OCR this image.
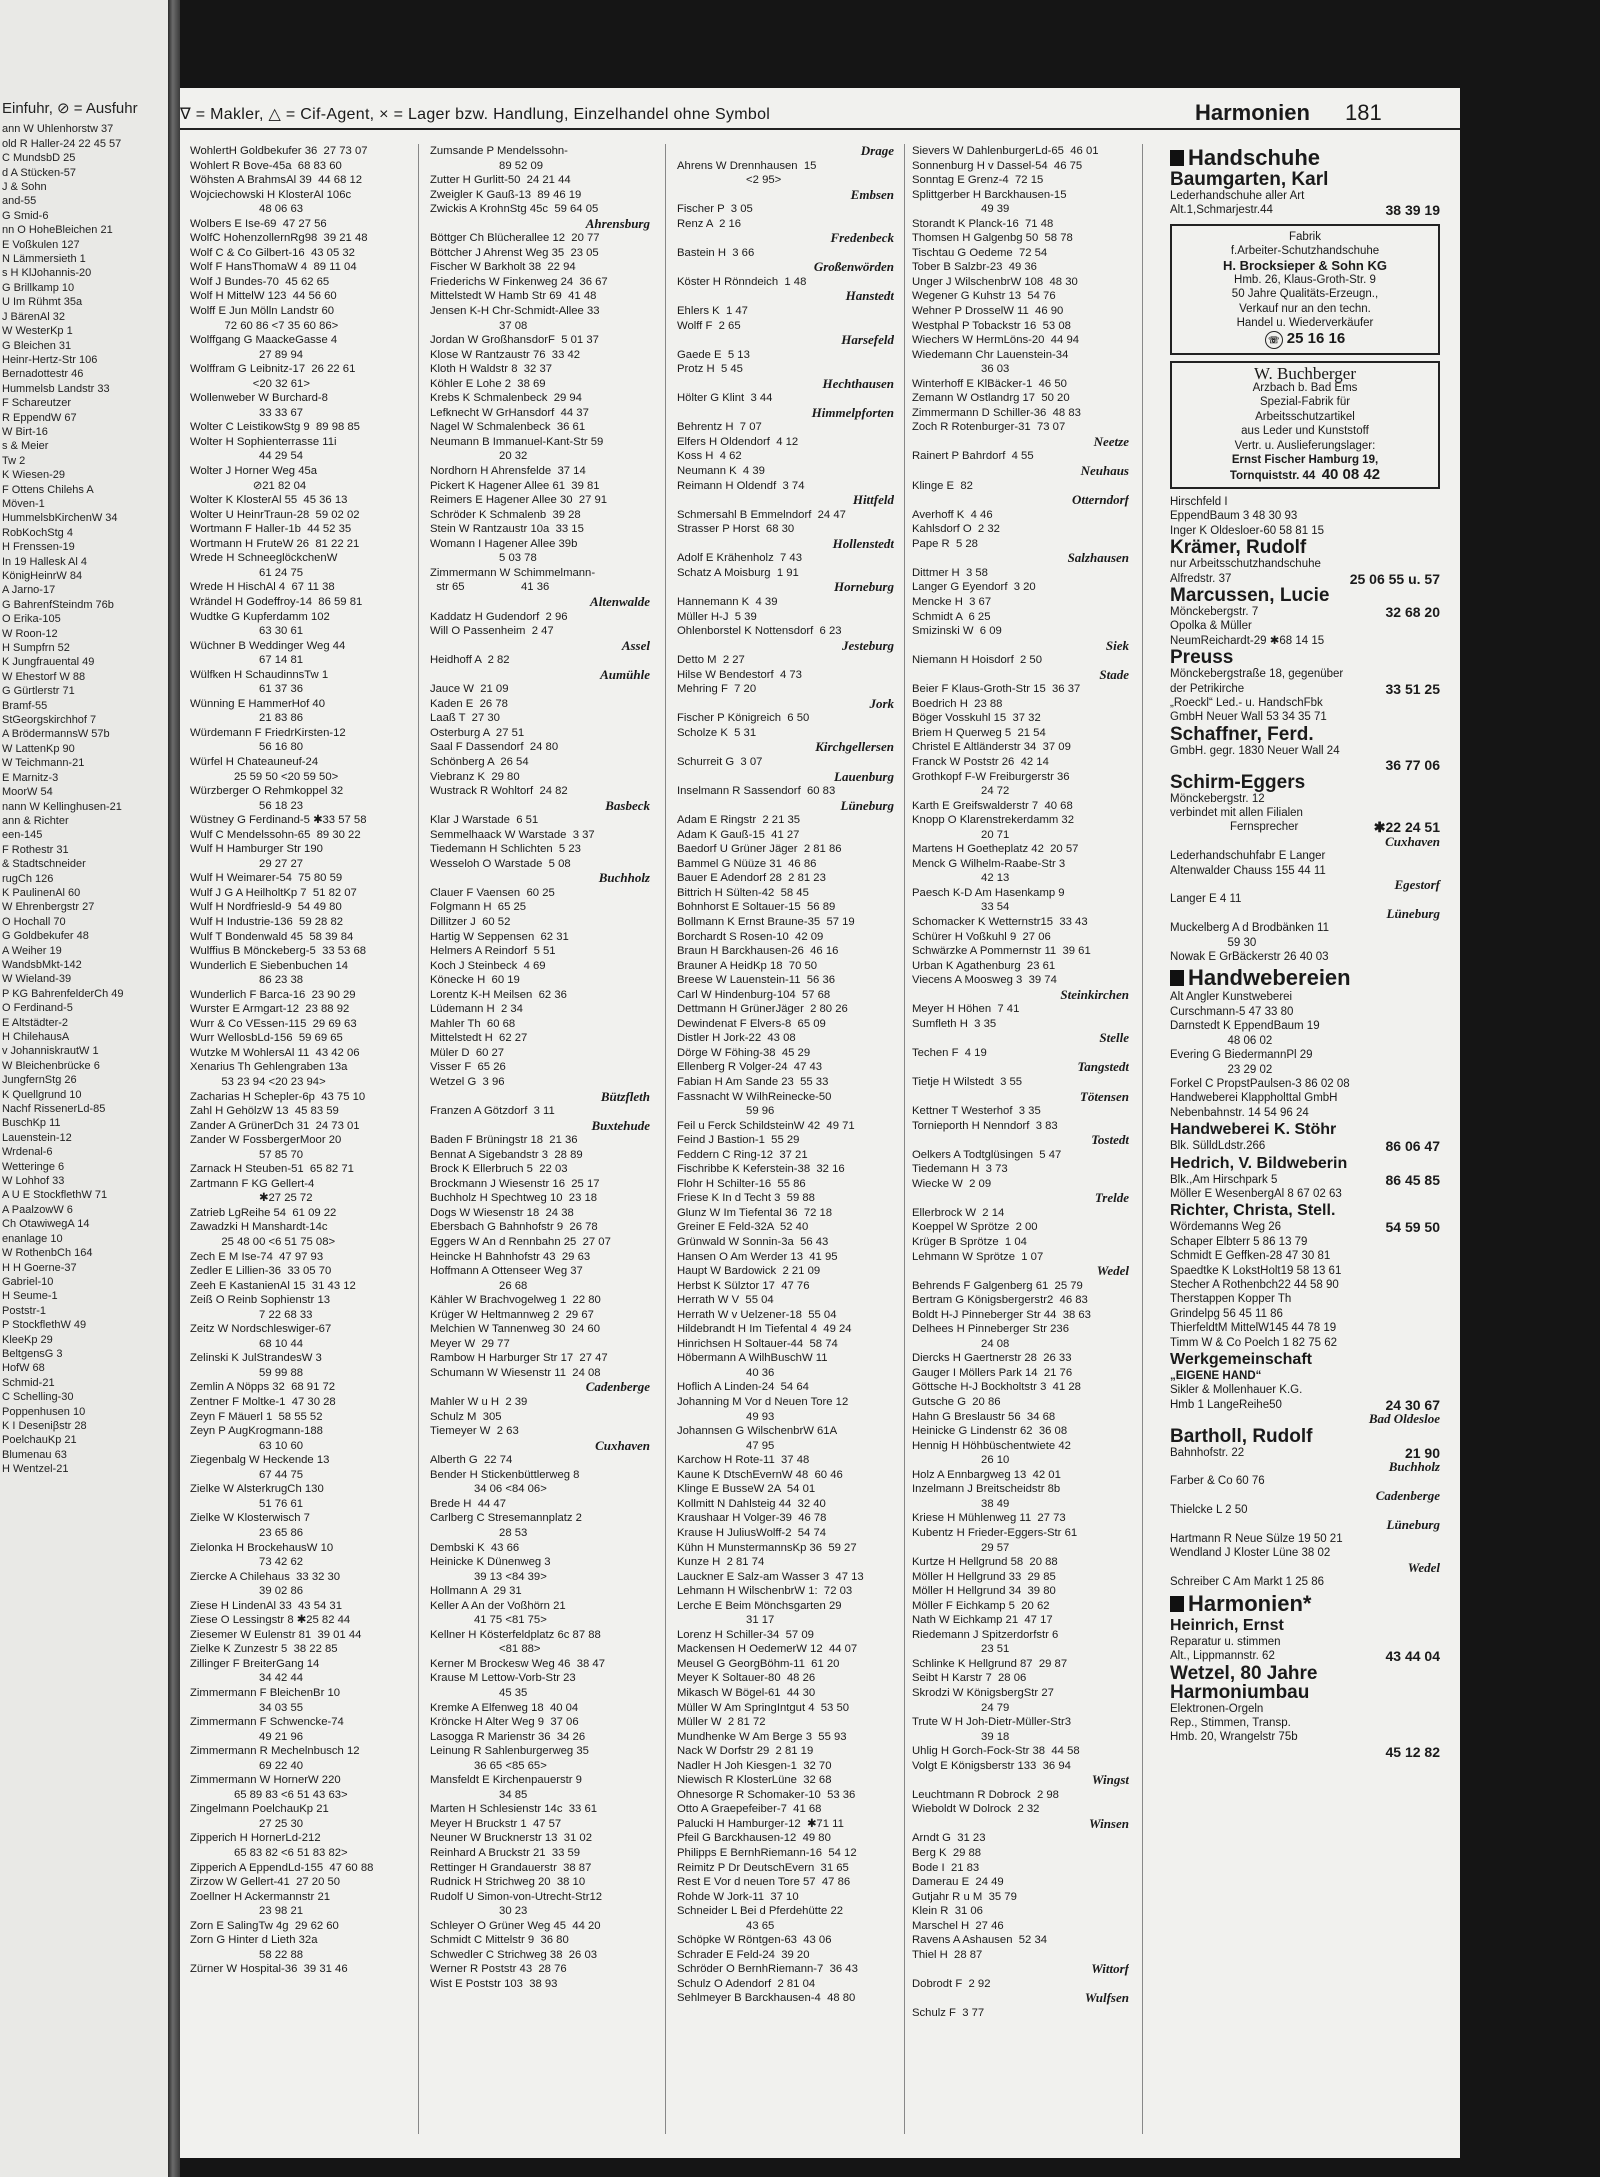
Einfuhr, ⊘ = Ausfuhr
ann W Uhlenhorstw 37
old R Haller-24 22 45 57
C MundsbD 25
d A Stücken-57
J & Sohn
and-55
G Smid-6
nn O HoheBleichen 21
E Voßkulen 127
N Lämmersieth 1
s H KlJohannis-20
G Brillkamp 10
U Im Rühmt 35a
J BärenAl 32
W WesterKp 1
G Bleichen 31
Heinr-Hertz-Str 106
Bernadottestr 46
Hummelsb Landstr 33
F Schareutzer
R EppendW 67
W Birt-16
s & Meier
Tw 2
K Wiesen-29
F Ottens Chilehs A
Möven-1
HummelsbKirchenW 34
RobKochStg 4
H Frenssen-19
In 19 Hallesk Al 4
KönigHeinrW 84
A Jarno-17
G BahrenfSteindm 76b
O Erika-105
W Roon-12
H Sumpfrn 52
K Jungfrauental 49
W Ehestorf W 88
G Gürtlerstr 71
Bramf-55
StGeorgskirchhof 7
A BrödermannsW 57b
W LattenKp 90
W Teichmann-21
E Marnitz-3
MoorW 54
nann W Kellinghusen-21
ann & Richter
een-145
F Rothestr 31
& Stadtschneider
rugCh 126
K PaulinenAl 60
W Ehrenbergstr 27
O Hochall 70
G Goldbekufer 48
A Weiher 19
WandsbMkt-142
W Wieland-39
P KG BahrenfelderCh 49
O Ferdinand-5
E Altstädter-2
H ChilehausA
v JohanniskrautW 1
W Bleichenbrücke 6
JungfernStg 26
K Quellgrund 10
Nachf RissenerLd-85
BuschKp 11
Lauenstein-12
Wrdenal-6
Wetteringe 6
W Lohhof 33
A U E StockflethW 71
A PaalzowW 6
Ch OtawiwegA 14
enanlage 10
W RothenbCh 164
H H Goerne-37
Gabriel-10
H Seume-1
Poststr-1
P StockflethW 49
KleeKp 29
BeltgensG 3
HofW 68
Schmid-21
C Schelling-30
Poppenhusen 10
K I Deseniβstr 28
PoelchauKp 21
Blumenau 63
H Wentzel-21
∇ = Makler, △ = Cif-Agent, × = Lager bzw. Handlung, Einzelhandel ohne Symbol	Harmonien 181
WohlertH Goldbekufer 36  27 73 07
Wohlert R Bove-45a  68 83 60
Wöhsten A BrahmsAl 39  44 68 12
Wojciechowski H KlosterAl 106c
48 06 63
Wolbers E Ise-69  47 27 56
WolfC HohenzollernRg98  39 21 48
Wolf C & Co Gilbert-16  43 05 32
Wolf F HansThomaW 4  89 11 04
Wolf J Bundes-70  45 62 65
Wolf H MittelW 123  44 56 60
Wolff E Jun Mölln Landstr 60
72 60 86 <7 35 60 86>
Wolffgang G MaackeGasse 4
27 89 94
Wolffram G Leibnitz-17  26 22 61
<20 32 61>
Wollenweber W Burchard-8
33 33 67
Wolter C LeistikowStg 9  89 98 85
Wolter H Sophienterrasse 11i
44 29 54
Wolter J Horner Weg 45a
⊘21 82 04
Wolter K KlosterAl 55  45 36 13
Wolter U HeinrTraun-28  59 02 02
Wortmann F Haller-1b  44 52 35
Wortmann H FruteW 26  81 22 21
Wrede H SchneeglöckchenW
61 24 75
Wrede H HischAl 4  67 11 38
Wrändel H Godeffroy-14  86 59 81
Wudtke G Kupferdamm 102
63 30 61
Wüchner B Weddinger Weg 44
67 14 81
Wülfken H SchaudinnsTw 1
61 37 36
Wünning E HammerHof 40
21 83 86
Würdemann F FriedrKirsten-12
56 16 80
Würfel H Chateauneuf-24
25 59 50 <20 59 50>
Würzberger O Rehmkoppel 32
56 18 23
Wüstney G Ferdinand-5 ✱33 57 58
Wulf C Mendelssohn-65  89 30 22
Wulf H Hamburger Str 190
29 27 27
Wulf H Weimarer-54  75 80 59
Wulf J G A HeilholtKp 7  51 82 07
Wulf H Nordfriesld-9  54 49 80
Wulf H Industrie-136  59 28 82
Wulf T Bondenwald 45  58 39 84
Wulffius B Mönckeberg-5  33 53 68
Wunderlich E Siebenbuchen 14
86 23 38
Wunderlich F Barca-16  23 90 29
Wurster E Armgart-12  23 88 92
Wurr & Co VEssen-115  29 69 63
Wurr WellosbLd-156  59 69 65
Wutzke M WohlersAl 11  43 42 06
Xenarius Th Gehlengraben 13a
53 23 94 <20 23 94>
Zacharias H Schepler-6p  43 75 10
Zahl H GehölzW 13  45 83 59
Zander A GrünerDch 31  24 73 01
Zander W FossbergerMoor 20
57 85 70
Zarnack H Steuben-51  65 82 71
Zartmann F KG Gellert-4
✱27 25 72
Zatrieb LgReihe 54  61 09 22
Zawadzki H Manshardt-14c
25 48 00 <6 51 75 08>
Zech E M Ise-74  47 97 93
Zedler E Lillien-36  33 05 70
Zeeh E KastanienAl 15  31 43 12
Zeiß O Reinb Sophienstr 13
7 22 68 33
Zeitz W Nordschleswiger-67
68 10 44
Zelinski K JulStrandesW 3
59 99 88
Zemlin A Nöpps 32  68 91 72
Zentner F Moltke-1  47 30 28
Zeyn F Mäuerl 1  58 55 52
Zeyn P AugKrogmann-188
63 10 60
Ziegenbalg W Heckende 13
67 44 75
Zielke W AlsterkrugCh 130
51 76 61
Zielke W Klosterwisch 7
23 65 86
Zielonka H BrockehausW 10
73 42 62
Ziercke A Chilehaus  33 32 30
39 02 86
Ziese H LindenAl 33  43 54 31
Ziese O Lessingstr 8 ✱25 82 44
Ziesemer W Eulenstr 81  39 01 44
Zielke K Zunzestr 5  38 22 85
Zillinger F BreiterGang 14
34 42 44
Zimmermann F BleichenBr 10
34 03 55
Zimmermann F Schwencke-74
49 21 96
Zimmermann R Mechelnbusch 12
69 22 40
Zimmermann W HornerW 220
65 89 83 <6 51 43 63>
Zingelmann PoelchauKp 21
27 25 30
Zipperich H HornerLd-212
65 83 82 <6 51 83 82>
Zipperich A EppendLd-155  47 60 88
Zirzow W Gellert-41  27 20 50
Zoellner H Ackermannstr 21
23 98 21
Zorn E SalingTw 4g  29 62 60
Zorn G Hinter d Lieth 32a
58 22 88
Zürner W Hospital-36  39 31 46
Zumsande P Mendelssohn-
89 52 09
Zutter H Gurlitt-50  24 21 44
Zweigler K Gauß-13  89 46 19
Zwickis A KrohnStg 45c  59 64 05
Ahrensburg
Böttger Ch Blücherallee 12  20 77
Böttcher J Ahrenst Weg 35  23 05
Fischer W Barkholt 38  22 94
Friederichs W Finkenweg 24  36 67
Mittelstedt W Hamb Str 69  41 48
Jensen K-H Chr-Schmidt-Allee 33
37 08
Jordan W GroßhansdorF  5 01 37
Klose W Rantzaustr 76  33 42
Kloth H Waldstr 8  32 37
Köhler E Lohe 2  38 69
Krebs K Schmalenbeck  29 94
Lefknecht W GrHansdorf  44 37
Nagel W Schmalenbeck  36 61
Neumann B Immanuel-Kant-Str 59
20 32
Nordhorn H Ahrensfelde  37 14
Pickert K Hagener Allee 61  39 81
Reimers E Hagener Allee 30  27 91
Schröder K Schmalenb  39 28
Stein W Rantzaustr 10a  33 15
Womann I Hagener Allee 39b
5 03 78
Zimmermann W Schimmelmann-
str 65                  41 36
Altenwalde
Kaddatz H Gudendorf  2 96
Will O Passenheim  2 47
Assel
Heidhoff A  2 82
Aumühle
Jauce W  21 09
Kaden E  26 78
Laaß T  27 30
Osterburg A  27 51
Saal F Dassendorf  24 80
Schönberg A  26 54
Viebranz K  29 80
Wustrack R Wohltorf  24 82
Basbeck
Klar J Warstade  6 51
Semmelhaack W Warstade  3 37
Tiedemann H Schlichten  5 23
Wesseloh O Warstade  5 08
Buchholz
Clauer F Vaensen  60 25
Folgmann H  65 25
Dillitzer J  60 52
Hartig W Seppensen  62 31
Helmers A Reindorf  5 51
Koch J Steinbeck  4 69
Könecke H  60 19
Lorentz K-H Meilsen  62 36
Lüdemann H  2 34
Mahler Th  60 68
Mittelstedt H  62 27
Müler D  60 27
Visser F  65 26
Wetzel G  3 96
Bützfleth
Franzen A Götzdorf  3 11
Buxtehude
Baden F Brüningstr 18  21 36
Bennat A Sigebandstr 3  28 89
Brock K Ellerbruch 5  22 03
Brockmann J Wiesenstr 16  25 17
Buchholz H Spechtweg 10  23 18
Dogs W Wiesenstr 18  24 38
Ebersbach G Bahnhofstr 9  26 78
Eggers W An d Rennbahn 25  27 07
Heincke H Bahnhofstr 43  29 63
Hoffmann A Ottenseer Weg 37
26 68
Kähler W Brachvogelweg 1  22 80
Krüger W Heltmannweg 2  29 67
Melchien W Tannenweg 30  24 60
Meyer W  29 77
Rambow H Harburger Str 17  27 47
Schumann W Wiesenstr 11  24 08
Cadenberge
Mahler W u H  2 39
Schulz M  305
Tiemeyer W  2 63
Cuxhaven
Alberth G  22 74
Bender H Stickenbüttlerweg 8
34 06 <84 06>
Brede H  44 47
Carlberg C Stresemannplatz 2
28 53
Dembski K  43 66
Heinicke K Dünenweg 3
39 13 <84 39>
Hollmann A  29 31
Keller A An der Voßhörn 21
41 75 <81 75>
Kellner H Kösterfeldplatz 6c 87 88
<81 88>
Kerner M Brockesw Weg 46  38 47
Krause M Lettow-Vorb-Str 23
45 35
Kremke A Elfenweg 18  40 04
Kröncke H Alter Weg 9  37 06
Lasogga R Marienstr 36  34 26
Leinung R Sahlenburgerweg 35
36 65 <85 65>
Mansfeldt E Kirchenpauerstr 9
34 85
Marten H Schlesienstr 14c  33 61
Meyer H Bruckstr 1  47 57
Neuner W Brucknerstr 13  31 02
Reinhard A Bruckstr 21  33 59
Rettinger H Grandauerstr  38 87
Rudnick H Strichweg 20  38 10
Rudolf U Simon-von-Utrecht-Str12
30 23
Schleyer O Grüner Weg 45  44 20
Schmidt C Mittelstr 9  36 80
Schwedler C Strichweg 38  26 03
Werner R Poststr 43  28 76
Wist E Poststr 103  38 93
Drage
Ahrens W Drennhausen  15
<2 95>
Embsen
Fischer P  3 05
Renz A  2 16
Fredenbeck
Bastein H  3 66
Großenwörden
Köster H Rönndeich  1 48
Hanstedt
Ehlers K  1 47
Wolff F  2 65
Harsefeld
Gaede E  5 13
Protz H  5 45
Hechthausen
Hölter G Klint  3 44
Himmelpforten
Behrentz H  7 07
Elfers H Oldendorf  4 12
Koss H  4 62
Neumann K  4 39
Reimann H Oldendf  3 74
Hittfeld
Schmersahl B Emmelndorf  24 47
Strasser P Horst  68 30
Hollenstedt
Adolf E Krähenholz  7 43
Schatz A Moisburg  1 91
Horneburg
Hannemann K  4 39
Müller H-J  5 39
Ohlenborstel K Nottensdorf  6 23
Jesteburg
Detto M  2 27
Hilse W Bendestorf  4 73
Mehring F  7 20
Jork
Fischer P Königreich  6 50
Scholze K  5 31
Kirchgellersen
Schurreit G  3 07
Lauenburg
Inselmann R Sassendorf  60 83
Lüneburg
Adam E Ringstr  2 21 35
Adam K Gauß-15  41 27
Baedorf U Grüner Jäger  2 81 86
Bammel G Nüüze 31  46 86
Bauer E Adendorf 28  2 81 23
Bittrich H Sülten-42  58 45
Bohnhorst E Soltauer-15  56 89
Bollmann K Ernst Braune-35  57 19
Borchardt S Rosen-10  42 09
Braun H Barckhausen-26  46 16
Brauner A HeidKp 18  70 50
Breese W Lauenstein-11  56 36
Carl W Hindenburg-104  57 68
Dettmann H GrünerJäger  2 80 26
Dewindenat F Elvers-8  65 09
Distler H Jork-22  43 08
Dörge W Föhing-38  45 29
Ellenberg R Volger-24  47 43
Fabian H Am Sande 23  55 33
Fassnacht W WilhReinecke-50
59 96
Feil u Ferck SchildsteinW 42  49 71
Feind J Bastion-1  55 29
Feddern C Ring-12  37 21
Fischribbe K Keferstein-38  32 16
Flohr H Schilter-16  55 86
Friese K In d Techt 3  59 88
Glunz W Im Tiefental 36  72 18
Greiner E Feld-32A  52 40
Grünwald W Sonnin-3a  56 43
Hansen O Am Werder 13  41 95
Haupt W Bardowick  2 21 09
Herbst K Sülztor 17  47 76
Herrath W V  55 04
Herrath W v Uelzener-18  55 04
Hildebrandt H Im Tiefental 4  49 24
Hinrichsen H Soltauer-44  58 74
Höbermann A WilhBuschW 11
40 36
Hoflich A Linden-24  54 64
Johanning M Vor d Neuen Tore 12
49 93
Johannsen G WilschenbrW 61A
47 95
Karchow H Rote-11  37 48
Kaune K DtschEvernW 48  60 46
Klinge E BusseW 2A  54 01
Kollmitt N Dahlsteig 44  32 40
Kraushaar H Volger-39  46 78
Krause H JuliusWolff-2  54 74
Kühn H MunstermannsKp 36  59 27
Kunze H  2 81 74
Lauckner E Salz-am Wasser 3  47 13
Lehmann H WilschenbrW 1:  72 03
Lerche E Beim Mönchsgarten 29
31 17
Lorenz H Schiller-34  57 09
Mackensen H OedemerW 12  44 07
Meusel G GeorgBöhm-11  61 20
Meyer K Soltauer-80  48 26
Mikasch W Bögel-61  44 30
Müller W Am SpringIntgut 4  53 50
Müller W  2 81 72
Mundhenke W Am Berge 3  55 93
Nack W Dorfstr 29  2 81 19
Nadler H Joh Kiesgen-1  32 70
Niewisch R KlosterLüne  32 68
Ohnesorge R Schomaker-10  53 36
Otto A Graepefeiber-7  41 68
Palucki H Hamburger-12  ✱71 11
Pfeil G Barckhausen-12  49 80
Philipps E BernhRiemann-16  54 12
Reimitz P Dr DeutschEvern  31 65
Rest E Vor d neuen Tore 57  47 86
Rohde W Jork-11  37 10
Schneider L Bei d Pferdehütte 22
43 65
Schöpke W Röntgen-63  43 06
Schrader E Feld-24  39 20
Schröder O BernhRiemann-7  36 43
Schulz O Adendorf  2 81 04
Sehlmeyer B Barckhausen-4  48 80
Sievers W DahlenburgerLd-65  46 01
Sonnenburg H v Dassel-54  46 75
Sonntag E Grenz-4  72 15
Splittgerber H Barckhausen-15
49 39
Storandt K Planck-16  71 48
Thomsen H Galgenbg 50  58 78
Tischtau G Oedeme  72 54
Tober B Salzbr-23  49 36
Unger J WilschenbrW 108  48 30
Wegener G Kuhstr 13  54 76
Wehner P DrosselW 11  46 90
Westphal P Tobackstr 16  53 08
Wiechers W HermLöns-20  44 94
Wiedemann Chr Lauenstein-34
36 03
Winterhoff E KlBäcker-1  46 50
Zemann W Ostlandrg 17  50 20
Zimmermann D Schiller-36  48 83
Zoch R Rotenburger-31  73 07
Neetze
Rainert P Bahrdorf  4 55
Neuhaus
Klinge E  82
Otterndorf
Averhoff K  4 46
Kahlsdorf O  2 32
Pape R  5 28
Salzhausen
Dittmer H  3 58
Langer G Eyendorf  3 20
Mencke H  3 67
Schmidt A  6 25
Smizinski W  6 09
Siek
Niemann H Hoisdorf  2 50
Stade
Beier F Klaus-Groth-Str 15  36 37
Boedrich H  23 88
Böger Vosskuhl 15  37 32
Briem H Querweg 5  21 54
Christel E Altländerstr 34  37 09
Franck W Poststr 26  42 14
Grothkopf F-W Freiburgerstr 36
24 72
Karth E Greifswalderstr 7  40 68
Knopp O Klarenstrekerdamm 32
20 71
Martens H Goetheplatz 42  20 57
Menck G Wilhelm-Raabe-Str 3
42 13
Paesch K-D Am Hasenkamp 9
33 54
Schomacker K Wetternstr15  33 43
Schürer H Voßkuhl 9  27 06
Schwärzke A Pommernstr 11  39 61
Urban K Agathenburg  23 61
Viecens A Moosweg 3  39 74
Steinkirchen
Meyer H Höhen  7 41
Sumfleth H  3 35
Stelle
Techen F  4 19
Tangstedt
Tietje H Wilstedt  3 55
Tötensen
Kettner T Westerhof  3 35
Tornieporth H Nenndorf  3 83
Tostedt
Oelkers A Todtglüsingen  5 47
Tiedemann H  3 73
Wiecke W  2 09
Trelde
Ellerbrock W  2 14
Koeppel W Sprötze  2 00
Krüger B Sprötze  1 04
Lehmann W Sprötze  1 07
Wedel
Behrends F Galgenberg 61  25 79
Bertram G Königsbergerstr2  46 83
Boldt H-J Pinneberger Str 44  38 63
Delhees H Pinneberger Str 236
24 08
Diercks H Gaertnerstr 28  26 33
Gauger I Möllers Park 14  21 76
Göttsche H-J Bockholtstr 3  41 28
Gutsche G  20 86
Hahn G Breslaustr 56  34 68
Heinicke G Lindenstr 62  36 08
Hennig H Höhbüschentwiete 42
26 10
Holz A Ennbargweg 13  42 01
Inzelmann J Breitscheidstr 8b
38 49
Kriese H Mühlenweg 11  27 73
Kubentz H Frieder-Eggers-Str 61
29 57
Kurtze H Hellgrund 58  20 88
Möller H Hellgrund 33  29 85
Möller H Hellgrund 34  39 80
Möller F Eichkamp 5  20 62
Nath W Eichkamp 21  47 17
Riedemann J Spitzerdorfstr 6
23 51
Schlinke K Hellgrund 87  29 87
Seibt H Karstr 7  28 06
Skrodzi W KönigsbergStr 27
24 79
Trute W H Joh-Dietr-Müller-Str3
39 18
Uhlig H Gorch-Fock-Str 38  44 58
Volgt E Königsberstr 133  36 94
Wingst
Leuchtmann R Dobrock  2 98
Wieboldt W Dolrock  2 32
Winsen
Arndt G  31 23
Berg K  29 88
Bode I  21 83
Damerau E  24 49
Gutjahr R u M  35 79
Klein R  31 06
Marschel H  27 46
Ravens A Ashausen  52 34
Thiel H  28 87
Wittorf
Dobrodt F  2 92
Wulfsen
Schulz F  3 77
Handschuhe
Baumgarten, Karl
Lederhandschuhe aller Art
Alt.1,Schmarjestr.44	38 39 19
Fabrik
f.Arbeiter-Schutzhandschuhe
H. Brocksieper & Sohn KG
Hmb. 26, Klaus-Groth-Str. 9
50 Jahre Qualitäts-Erzeugn.,
Verkauf nur an den techn.
Handel u. Wiederverkäufer
☏ 25 16 16
W. Buchberger
Arzbach b. Bad Ems
Spezial-Fabrik für
Arbeitsschutzartikel
aus Leder und Kunststoff
Vertr. u. Auslieferungslager:
Ernst Fischer Hamburg 19,
Tornquiststr. 44 40 08 42
Hirschfeld I
EppendBaum 3 48 30 93
Inger K Oldesloer-60 58 81 15
Krämer, Rudolf
nur Arbeitsschutzhandschuhe
Alfredstr. 37	25 06 55 u. 57
Marcussen, Lucie
Mönckebergstr. 7	32 68 20
Opolka & Müller
NeumReichardt-29 ✱68 14 15
Preuss
Mönckebergstraße 18, gegenüber
der Petrikirche	33 51 25
„Roeckl“ Led.- u. HandschFbk
GmbH Neuer Wall 53 34 35 71
Schaffner, Ferd.
GmbH. gegr. 1830 Neuer Wall 24
36 77 06

Schirm-Eggers
Mönckebergstr. 12
verbindet mit allen Filialen
Fernsprecher	✱22 24 51
Cuxhaven
Lederhandschuhfabr E Langer
Altenwalder Chauss 155 44 11
Egestorf
Langer E 4 11
Lüneburg
Muckelberg A d Brodbänken 11
59 30
Nowak E GrBäckerstr 26 40 03
Handwebereien
Alt Angler Kunstweberei
Curschmann-5 47 33 80
Darnstedt K EppendBaum 19
48 06 02
Evering G BiedermannPl 29
23 29 02
Forkel C PropstPaulsen-3 86 02 08
Handweberei Klappholttal GmbH
Nebenbahnstr. 14 54 96 24
Handweberei K. Stöhr
Blk. SülldLdstr.266	86 06 47
Hedrich, V. Bildweberin
Blk.,Am Hirschpark 5	86 45 85
Möller E WesenbergAl 8 67 02 63
Richter, Christa, Stell.
Wördemanns Weg 26	54 59 50
Schaper Elbterr 5 86 13 79
Schmidt E Geffken-28 47 30 81
Spaedtke K LokstHolt19 58 13 61
Stecher A Rothenbch22 44 58 90
Therstappen Kopper Th
Grindelpg 56 45 11 86
ThierfeldtM MittelW145 44 78 19
Timm W & Co Poelch 1 82 75 62
Werkgemeinschaft
„EIGENE HAND“
Sikler & Mollenhauer K.G.
Hmb 1 LangeReihe50	24 30 67
Bad Oldesloe
Bartholl, Rudolf
Bahnhofstr. 22	21 90
Buchholz
Farber & Co 60 76
Cadenberge
Thielcke L 2 50
Lüneburg
Hartmann R Neue Sülze 19 50 21
Wendland J Kloster Lüne 38 02
Wedel
Schreiber C Am Markt 1 25 86
Harmonien*
Heinrich, Ernst
Reparatur u. stimmen
Alt., Lippmannstr. 62	43 44 04
Wetzel, 80 Jahre
Harmoniumbau
Elektronen-Orgeln
Rep., Stimmen, Transp.
Hmb. 20, Wrangelstr 75b
45 12 82
